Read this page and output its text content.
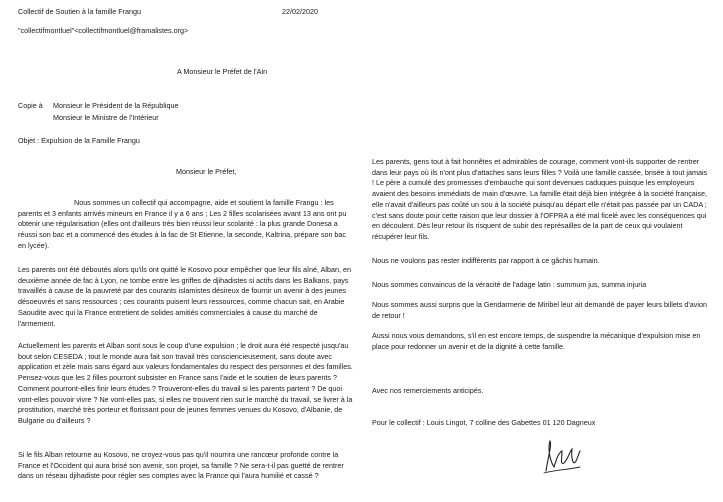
Collectif de Soutien à la famille Frangu	22/02/2020
"collectifmontluel"<collectifmontluel@framalistes.org>
A Monsieur le Préfet de l'Ain
Copie à Monsieur le Président de la République
Monsieur le Ministre de l'Intérieur
Objet : Expulsion de la Famille Frangu
Monsieur le Préfet,

Nous sommes un collectif qui accompagne, aide et soutient la famille Frangu : les parents et 3 enfants arrivés mineurs en France il y a 6 ans ; Les 2 filles scolarisées avant 13 ans ont pu obtenir une régularisation (elles ont d'ailleurs très bien réussi leur scolarité : la plus grande Donesa a réussi son bac et a commencé des études à la fac de St Etienne, la seconde, Kaltrina, prépare son bac en lycée).

Les parents ont été déboutés alors qu'ils ont quitté le Kosovo pour empêcher que leur fils aîné, Alban, en deuxième année de fac à Lyon, ne tombe entre les griffes de djihadistes si actifs dans les Balkans, pays travaillés à cause de la pauvreté par des courants islamistes désireux de fournir un avenir à des jeunes désoeuvrés et sans ressources ; ces courants puisent leurs ressources, comme chacun sait, en Arabie Saoudite avec qui la France entretient de solides amitiés commerciales à cause du marché de l'armement.

Actuellement les parents et Alban sont sous le coup d'une expulsion ; le droit aura été respecté jusqu'au bout selon CESEDA ; tout le monde aura fait son travail très consciencieusement, sans doute avec application et zèle mais sans égard aux valeurs fondamentales du respect des personnes et des familles. Pensez-vous que les 2 filles pourront subsister en France sans l'aide et le soutien de leurs parents ? Comment pourront-elles finir leurs études ? Trouveront-elles du travail si les parents partent ? De quoi vont-elles pouvoir vivre ? Ne vont-elles pas, si elles ne trouvent rien sur le marché du travail, se livrer à la prostitution, marché très porteur et florissant pour de jeunes femmes venues du Kosovo, d'Albanie, de Bulgarie ou d'ailleurs ?

Si le fils Alban retourne au Kosovo, ne croyez-vous pas qu'il nourrira une rancœur profonde contre la France et l'Occident qui aura brisé son avenir, son projet, sa famille ? Ne sera-t-il pas guetté de rentrer dans un réseau djihadiste pour régler ses comptes avec la France qui l'aura humilié et cassé ?

Les parents, gens tout à fait honnêtes et admirables de courage, comment vont-ils supporter de rentrer dans leur pays où ils n'ont plus d'attaches sans leurs filles ? Voilà une famille cassée, brisée à tout jamais ! Le père a cumulé des promesses d'embauche qui sont devenues caduques puisque les employeurs avaient des besoins immédiats de main d'œuvre. La famille était déjà bien intégrée à la société française, elle n'avait d'ailleurs pas coûté un sou à la société puisqu'au départ elle n'était pas passée par un CADA ; c'est sans doute pour cette raison que leur dossier à l'OFPRA a été mal ficelé avec les conséquences qui en découlent. Dès leur retour ils risquent de subir des représailles de la part de ceux qui voulaient récupérer leur fils.

Nous ne voulons pas rester indifférents par rapport à ce gâchis humain.

Nous sommes convaincus de la véracité de l'adage latin : summum jus, summa injuria

Nous sommes aussi surpris que la Gendarmerie de Miribel leur ait demandé de payer leurs billets d'avion de retour !

Aussi nous vous demandons, s'il en est encore temps, de suspendre la mécanique d'expulsion mise en place pour redonner un avenir et de la dignité à cette famille.

Avec nos remerciements anticipés.

Pour le collectif : Louis Lingot, 7 colline des Gabettes 01 120 Dagneux
